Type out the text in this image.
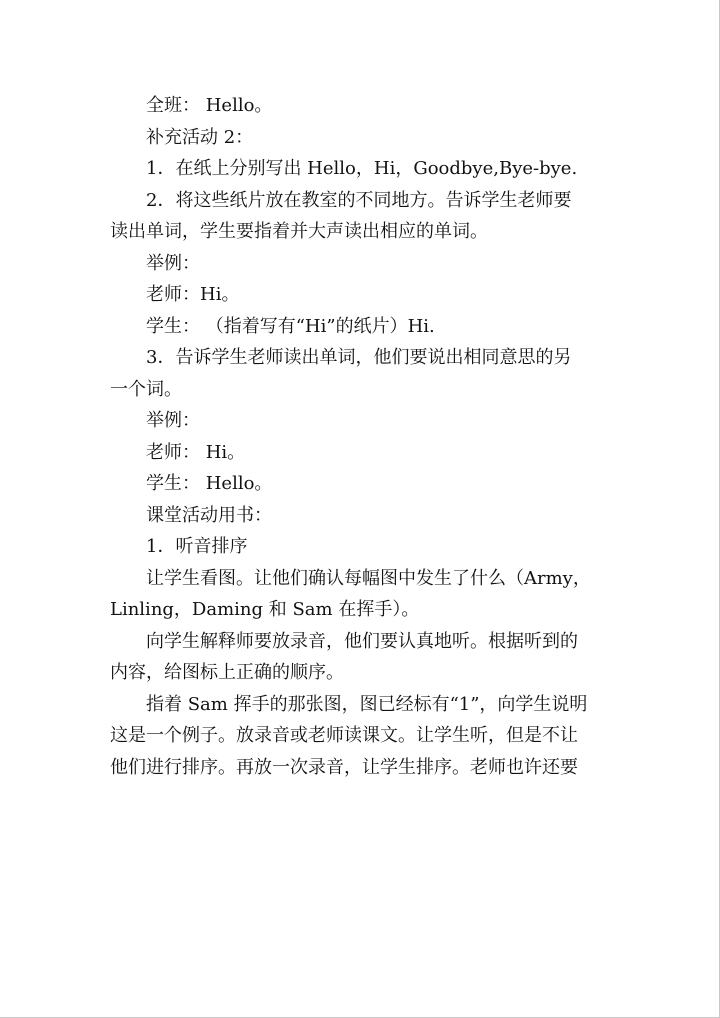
全班： Hello。
补充活动 2：
1．在纸上分别写出 Hello，Hi，Goodbye,Bye-bye.
2．将这些纸片放在教室的不同地方。告诉学生老师要
读出单词，学生要指着并大声读出相应的单词。
举例：
老师：Hi。
学生： （指着写有“Hi”的纸片）Hi.
3．告诉学生老师读出单词，他们要说出相同意思的另
一个词。
举例：
老师： Hi。
学生： Hello。
课堂活动用书：
1．听音排序
让学生看图。让他们确认每幅图中发生了什么（Army，
Linling，Daming 和 Sam 在挥手）。
向学生解释师要放录音，他们要认真地听。根据听到的
内容，给图标上正确的顺序。
指着 Sam 挥手的那张图，图已经标有“1”，向学生说明
这是一个例子。放录音或老师读课文。让学生听，但是不让
他们进行排序。再放一次录音，让学生排序。老师也许还要
